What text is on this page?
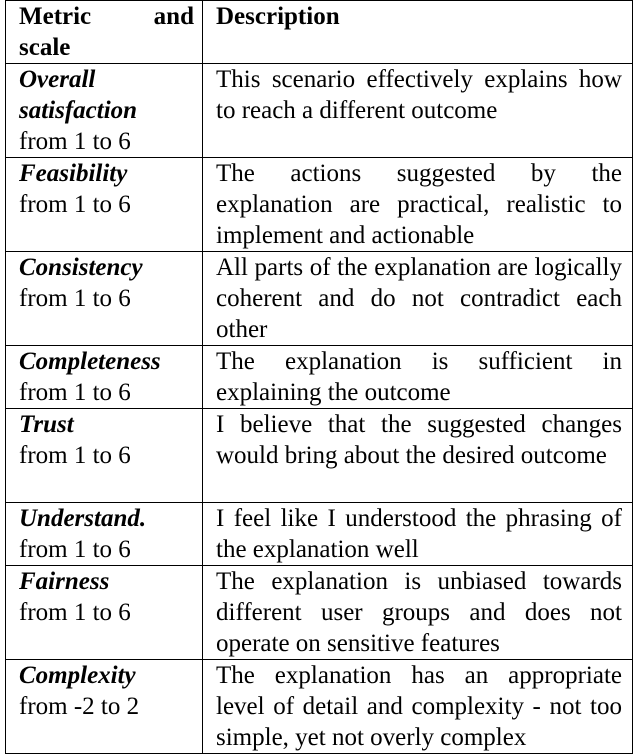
Metric and scale	Description

Overall satisfaction
from 1 to 6	This scenario effectively explains how to reach a different outcome

Feasibility
from 1 to 6	The actions suggested by the explanation are practical, realistic to implement and actionable

Consistency
from 1 to 6	All parts of the explanation are logically coherent and do not contradict each other

Completeness
from 1 to 6	The explanation is sufficient in explaining the outcome

Trust
from 1 to 6	I believe that the suggested changes would bring about the desired outcome

Understand.
from 1 to 6	I feel like I understood the phrasing of the explanation well

Fairness
from 1 to 6	The explanation is unbiased towards different user groups and does not operate on sensitive features

Complexity
from -2 to 2	The explanation has an appropriate level of detail and complexity - not too simple, yet not overly complex
